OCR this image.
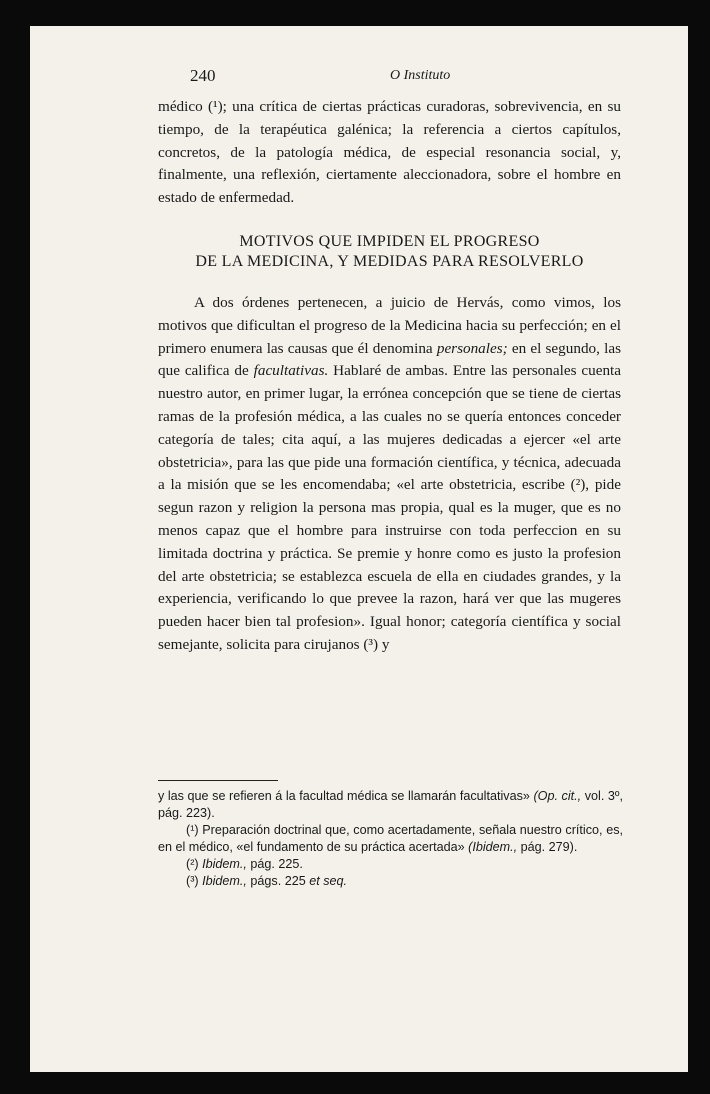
240	O Instituto

médico (¹); una crítica de ciertas prácticas curadoras, sobrevivencia, en su tiempo, de la terapéutica galénica; la referencia a ciertos capítulos, concretos, de la patología médica, de especial resonancia social, y, finalmente, una reflexión, ciertamente aleccionadora, sobre el hombre en estado de enfermedad.

MOTIVOS QUE IMPIDEN EL PROGRESO
DE LA MEDICINA, Y MEDIDAS PARA RESOLVERLO

A dos órdenes pertenecen, a juicio de Hervás, como vimos, los motivos que dificultan el progreso de la Medicina hacia su perfección; en el primero enumera las causas que él denomina personales; en el segundo, las que califica de facultativas. Hablaré de ambas. Entre las personales cuenta nuestro autor, en primer lugar, la errónea concepción que se tiene de ciertas ramas de la profesión médica, a las cuales no se quería entonces conceder categoría de tales; cita aquí, a las mujeres dedicadas a ejercer «el arte obstetricia», para las que pide una formación científica, y técnica, adecuada a la misión que se les encomendaba; «el arte obstetricia, escribe (²), pide segun razon y religion la persona mas propia, qual es la muger, que es no menos capaz que el hombre para instruirse con toda perfeccion en su limitada doctrina y práctica. Se premie y honre como es justo la profesion del arte obstetricia; se establezca escuela de ella en ciudades grandes, y la experiencia, verificando lo que prevee la razon, hará ver que las mugeres pueden hacer bien tal profesion». Igual honor; categoría científica y social semejante, solicita para cirujanos (³) y

y las que se refieren á la facultad médica se llamarán facultativas» (Op. cit., vol. 3º, pág. 223).

(¹) Preparación doctrinal que, como acertadamente, señala nuestro crítico, es, en el médico, «el fundamento de su práctica acertada» (Ibidem., pág. 279).

(²) Ibidem., pág. 225.

(³) Ibidem., págs. 225 et seq.
